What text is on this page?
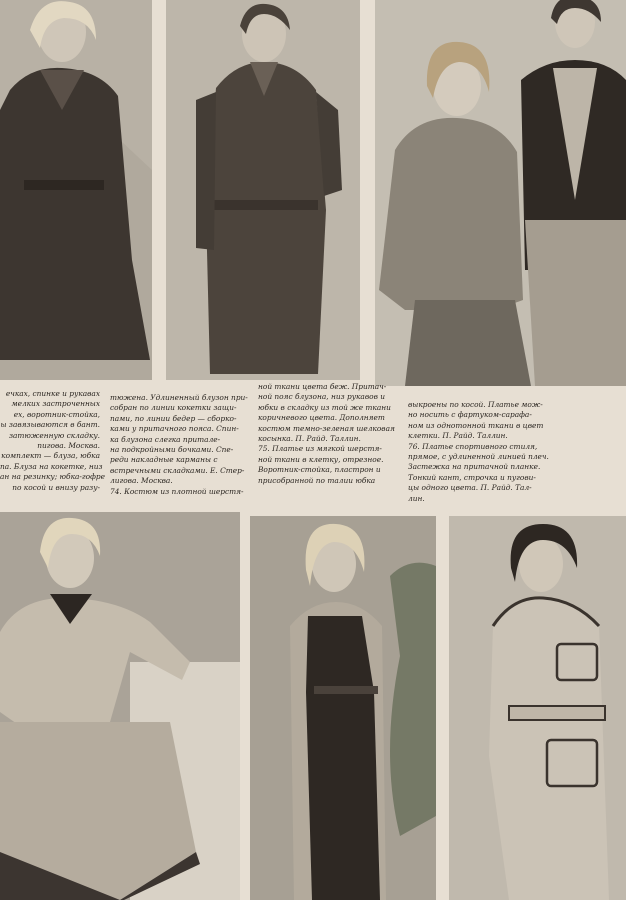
ечках, спинке и рукавах
мелких застроченных
ех, воротник-стойка,
ы завязываются в бант.
затюженную складку.
пигова. Москва.
комплект — блуза, юбка
па. Блуза на кокетке, низ
ан на резинку; юбка-гофре
по косой и внизу разу-
тюжена. Удлиненный блузон при-
собран по линии кокетки защи-
пами, по линии бедер — сборко-
ками у притачного пояса. Спин-
ка блузона слегка притале-
на подкройными бочками. Спе-
реди накладные карманы с
встречными складками. Е. Стер-
лигова. Москва.
74. Костюм из плотной шерстя-
ной ткани цвета беж. Притач-
ной пояс блузона, низ рукавов и
юбки в складку из той же ткани
коричневого цвета. Дополняет
костюм темно-зеленая шелковая
косынка. П. Райд. Таллин.
75. Платье из мягкой шерстя-
ной ткани в клетку, отрезное.
Воротник-стойка, пластрон и
присобранной по талии юбка
выкроены по косой. Платье мож-
но носить с фартуком-сарафа-
ном из однотонной ткани в цвет
клетки. П. Райд. Таллин.
76. Платье спортивного стиля,
прямое, с удлиненной линией плеч.
Застежка на притачной планке.
Тонкий кант, строчка и пугови-
цы одного цвета. П. Райд. Тал-
лин.
